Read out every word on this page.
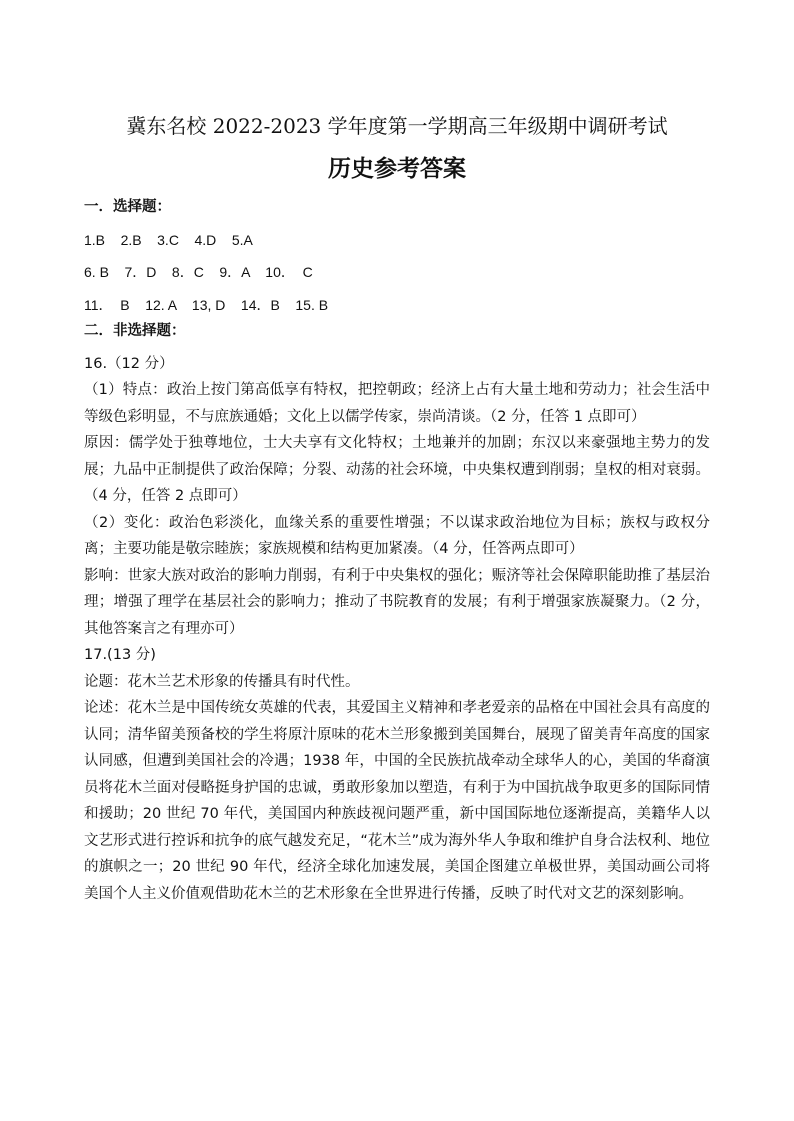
冀东名校 2022-2023 学年度第一学期高三年级期中调研考试
历史参考答案
一．选择题：
1.B    2.B    3.C    4.D    5.A
6. B    7．D    8．C    9．A    10．  C
11．  B    12. A    13, D    14．B    15. B
二．非选择题：
16.（12 分）
（1）特点：政治上按门第高低享有特权，把控朝政；经济上占有大量土地和劳动力；社会生活中等级色彩明显，不与庶族通婚；文化上以儒学传家，崇尚清谈。（2 分，任答 1 点即可）
原因：儒学处于独尊地位，士大夫享有文化特权；土地兼并的加剧；东汉以来豪强地主势力的发展；九品中正制提供了政治保障；分裂、动荡的社会环境，中央集权遭到削弱；皇权的相对衰弱。（4 分，任答 2 点即可）
（2）变化：政治色彩淡化，血缘关系的重要性增强；不以谋求政治地位为目标；族权与政权分离；主要功能是敬宗睦族；家族规模和结构更加紧凑。（4 分，任答两点即可）
影响：世家大族对政治的影响力削弱，有利于中央集权的强化；赈济等社会保障职能助推了基层治理；增强了理学在基层社会的影响力；推动了书院教育的发展；有利于增强家族凝聚力。（2 分，其他答案言之有理亦可）
17.(13 分)
论题：花木兰艺术形象的传播具有时代性。
论述：花木兰是中国传统女英雄的代表，其爱国主义精神和孝老爱亲的品格在中国社会具有高度的认同；清华留美预备校的学生将原汁原味的花木兰形象搬到美国舞台，展现了留美青年高度的国家认同感，但遭到美国社会的冷遇；1938 年，中国的全民族抗战牵动全球华人的心，美国的华裔演员将花木兰面对侵略挺身护国的忠诚，勇敢形象加以塑造，有利于为中国抗战争取更多的国际同情和援助；20 世纪 70 年代，美国国内种族歧视问题严重，新中国国际地位逐渐提高，美籍华人以文艺形式进行控诉和抗争的底气越发充足，“花木兰”成为海外华人争取和维护自身合法权利、地位的旗帜之一；20 世纪 90 年代，经济全球化加速发展，美国企图建立单极世界，美国动画公司将美国个人主义价值观借助花木兰的艺术形象在全世界进行传播，反映了时代对文艺的深刻影响。
